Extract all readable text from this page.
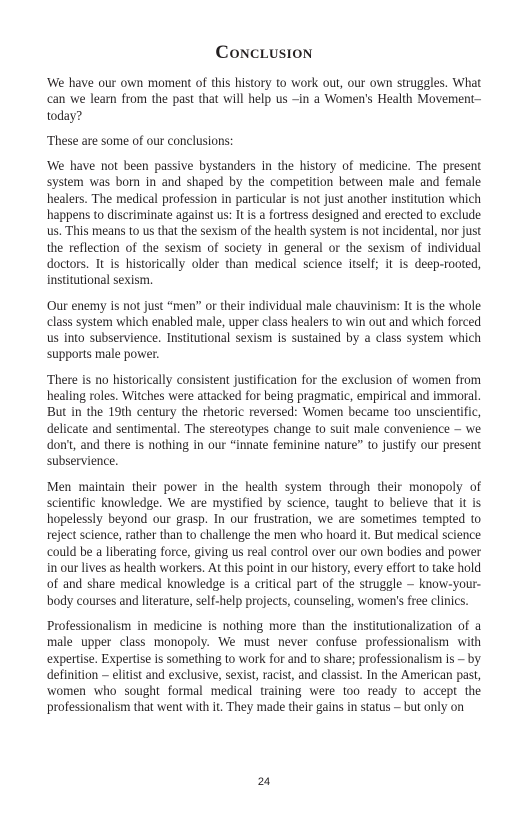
Conclusion

We have our own moment of this history to work out, our own struggles. What can we learn from the past that will help us –in a Women's Health Movement– today?

These are some of our conclusions:

We have not been passive bystanders in the history of medicine. The present system was born in and shaped by the competition between male and female healers. The medical profession in particular is not just another institution which happens to discriminate against us: It is a fortress designed and erected to exclude us. This means to us that the sexism of the health system is not incidental, nor just the reflection of the sexism of society in general or the sexism of individual doctors. It is historically older than medical science itself; it is deep-rooted, institutional sexism.

Our enemy is not just “men” or their individual male chauvinism: It is the whole class system which enabled male, upper class healers to win out and which forced us into subservience. Institutional sexism is sustained by a class system which supports male power.

There is no historically consistent justification for the exclusion of women from healing roles. Witches were attacked for being pragmatic, empirical and immoral. But in the 19th century the rhetoric reversed: Women became too unscientific, delicate and sentimental. The stereotypes change to suit male convenience – we don't, and there is nothing in our “innate feminine nature” to justify our present subservience.

Men maintain their power in the health system through their monopoly of scientific knowledge. We are mystified by science, taught to believe that it is hopelessly beyond our grasp. In our frustration, we are sometimes tempted to reject science, rather than to challenge the men who hoard it. But medical science could be a liberating force, giving us real control over our own bodies and power in our lives as health workers. At this point in our history, every effort to take hold of and share medical knowledge is a critical part of the struggle – know-your-body courses and literature, self-help projects, counseling, women's free clinics.

Professionalism in medicine is nothing more than the institutionalization of a male upper class monopoly. We must never confuse professionalism with expertise. Expertise is something to work for and to share; professionalism is – by definition – elitist and exclusive, sexist, racist, and classist. In the American past, women who sought formal medical training were too ready to accept the professionalism that went with it. They made their gains in status – but only on

24
